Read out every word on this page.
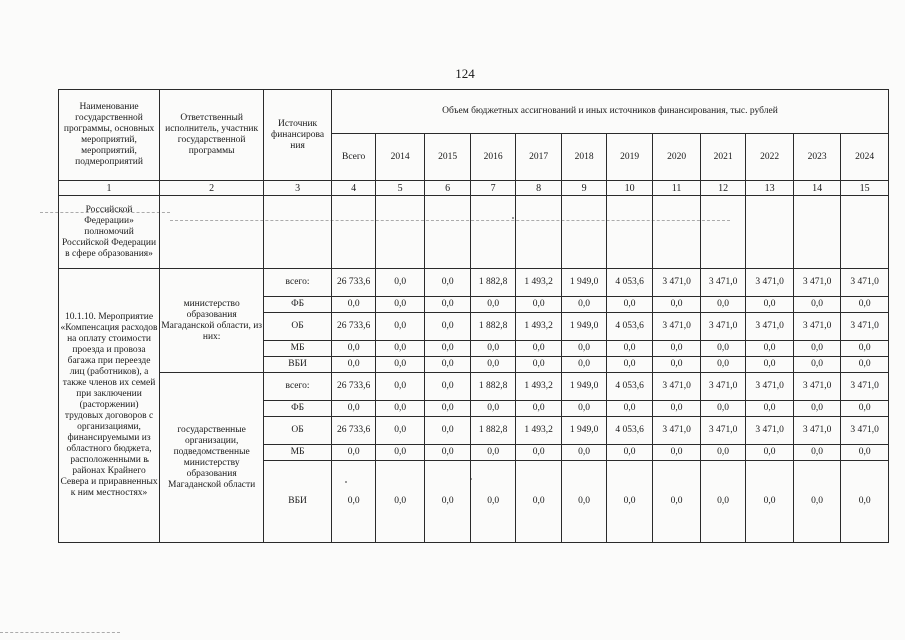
124
Наименование государственной программы, основных мероприятий, мероприятий, подмероприятий	Ответственный исполнитель, участник государственной программы	Источник финансирова ния	Объем бюджетных ассигнований и иных источников финансирования, тыс. рублей											
			Всего	2014	2015	2016	2017	2018	2019	2020	2021	2022	2023	2024
1	2	3	4	5	6	7	8	9	10	11	12	13	14	15
Российской Федерации» полномочий Российской Федерации в сфере образования»														
10.1.10. Мероприятие «Компенсация расходов на оплату стоимости проезда и провоза багажа при переезде лиц (работников), а также членов их семей при заключении (расторжении) трудовых договоров с организациями, финансируемыми из областного бюджета, расположенными в районах Крайнего Севера и приравненных к ним местностях»	министерство образования Магаданской области, из них:	всего:	26 733,6	0,0	0,0	1 882,8	1 493,2	1 949,0	4 053,6	3 471,0	3 471,0	3 471,0	3 471,0	3 471,0
		ФБ	0,0	0,0	0,0	0,0	0,0	0,0	0,0	0,0	0,0	0,0	0,0	0,0
		ОБ	26 733,6	0,0	0,0	1 882,8	1 493,2	1 949,0	4 053,6	3 471,0	3 471,0	3 471,0	3 471,0	3 471,0
		МБ	0,0	0,0	0,0	0,0	0,0	0,0	0,0	0,0	0,0	0,0	0,0	0,0
		ВБИ	0,0	0,0	0,0	0,0	0,0	0,0	0,0	0,0	0,0	0,0	0,0	0,0
	государственные организации, подведомственные министерству образования Магаданской области	всего:	26 733,6	0,0	0,0	1 882,8	1 493,2	1 949,0	4 053,6	3 471,0	3 471,0	3 471,0	3 471,0	3 471,0
		ФБ	0,0	0,0	0,0	0,0	0,0	0,0	0,0	0,0	0,0	0,0	0,0	0,0
		ОБ	26 733,6	0,0	0,0	1 882,8	1 493,2	1 949,0	4 053,6	3 471,0	3 471,0	3 471,0	3 471,0	3 471,0
		МБ	0,0	0,0	0,0	0,0	0,0	0,0	0,0	0,0	0,0	0,0	0,0	0,0
		ВБИ	0,0	0,0	0,0	0,0	0,0	0,0	0,0	0,0	0,0	0,0	0,0	0,0
